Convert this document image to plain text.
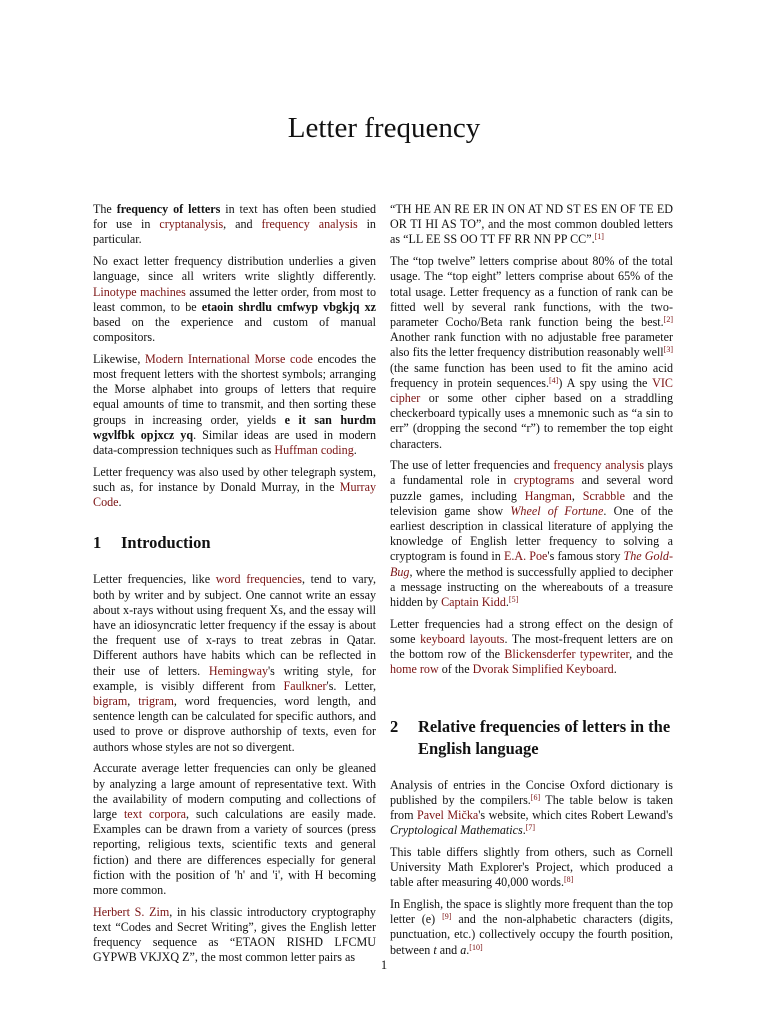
Letter frequency

The frequency of letters in text has often been studied for use in cryptanalysis, and frequency analysis in particular.

No exact letter frequency distribution underlies a given language, since all writers write slightly differently. Linotype machines assumed the letter order, from most to least common, to be etaoin shrdlu cmfwyp vbgkjq xz based on the experience and custom of manual compositors.

Likewise, Modern International Morse code encodes the most frequent letters with the shortest symbols; arranging the Morse alphabet into groups of letters that require equal amounts of time to transmit, and then sorting these groups in increasing order, yields e it san hurdm wgvlfbk opjxcz yq. Similar ideas are used in modern data-compression techniques such as Huffman coding.

Letter frequency was also used by other telegraph system, such as, for instance by Donald Murray, in the Murray Code.

1	Introduction

Letter frequencies, like word frequencies, tend to vary, both by writer and by subject. One cannot write an essay about x-rays without using frequent Xs, and the essay will have an idiosyncratic letter frequency if the essay is about the frequent use of x-rays to treat zebras in Qatar. Different authors have habits which can be reflected in their use of letters. Hemingway's writing style, for example, is visibly different from Faulkner's. Letter, bigram, trigram, word frequencies, word length, and sentence length can be calculated for specific authors, and used to prove or disprove authorship of texts, even for authors whose styles are not so divergent.

Accurate average letter frequencies can only be gleaned by analyzing a large amount of representative text. With the availability of modern computing and collections of large text corpora, such calculations are easily made. Examples can be drawn from a variety of sources (press reporting, religious texts, scientific texts and general fiction) and there are differences especially for general fiction with the position of 'h' and 'i', with H becoming more common.

Herbert S. Zim, in his classic introductory cryptography text “Codes and Secret Writing”, gives the English letter frequency sequence as “ETAON RISHD LFCMU GYPWB VKJXQ Z”, the most common letter pairs as

“TH HE AN RE ER IN ON AT ND ST ES EN OF TE ED OR TI HI AS TO”, and the most common doubled letters as “LL EE SS OO TT FF RR NN PP CC”.[1]

The “top twelve” letters comprise about 80% of the total usage. The “top eight” letters comprise about 65% of the total usage. Letter frequency as a function of rank can be fitted well by several rank functions, with the two-parameter Cocho/Beta rank function being the best.[2] Another rank function with no adjustable free parameter also fits the letter frequency distribution reasonably well[3] (the same function has been used to fit the amino acid frequency in protein sequences.[4]) A spy using the VIC cipher or some other cipher based on a straddling checkerboard typically uses a mnemonic such as “a sin to err” (dropping the second “r”) to remember the top eight characters.

The use of letter frequencies and frequency analysis plays a fundamental role in cryptograms and several word puzzle games, including Hangman, Scrabble and the television game show Wheel of Fortune. One of the earliest description in classical literature of applying the knowledge of English letter frequency to solving a cryptogram is found in E.A. Poe's famous story The Gold-Bug, where the method is successfully applied to decipher a message instructing on the whereabouts of a treasure hidden by Captain Kidd.[5]

Letter frequencies had a strong effect on the design of some keyboard layouts. The most-frequent letters are on the bottom row of the Blickensderfer typewriter, and the home row of the Dvorak Simplified Keyboard.

2	Relative frequencies of letters in the English language

Analysis of entries in the Concise Oxford dictionary is published by the compilers.[6] The table below is taken from Pavel Mička's website, which cites Robert Lewand's Cryptological Mathematics.[7]

This table differs slightly from others, such as Cornell University Math Explorer's Project, which produced a table after measuring 40,000 words.[8]

In English, the space is slightly more frequent than the top letter (e) [9] and the non-alphabetic characters (digits, punctuation, etc.) collectively occupy the fourth position, between t and a.[10]

1
